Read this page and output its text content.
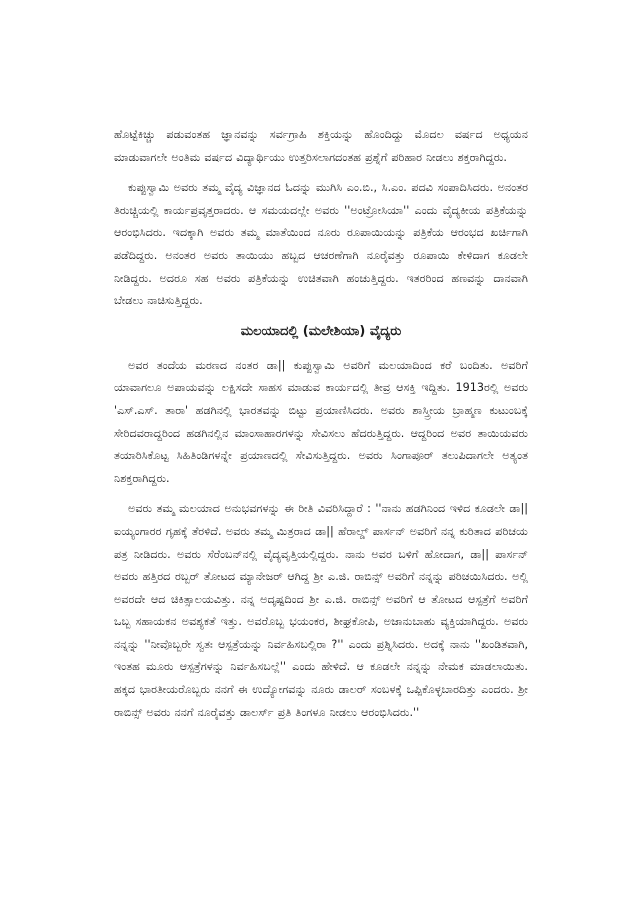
ಹೊಟ್ಟೆಕಿಚ್ಚು ಪಡುವಂತಹ ಜ್ಞಾನವನ್ನು ಸರ್ವಗ್ರಾಹಿ ಶಕ್ತಿಯನ್ನು ಹೊಂದಿದ್ದು ಮೊದಲ ವರ್ಷದ ಅಧ್ಯಯನ ಮಾಡುವಾಗಲೇ ಅಂತಿಮ ವರ್ಷದ ವಿದ್ಯಾರ್ಥಿಯು ಉತ್ತರಿಸಲಾಗದಂತಹ ಪ್ರಶ್ನೆಗೆ ಪರಿಹಾರ ನೀಡಲು ಶಕ್ತರಾಗಿದ್ದರು.

ಕುಪ್ಪುಸ್ವಾಮಿ ಅವರು ತಮ್ಮ ವೈದ್ಯ ವಿಜ್ಞಾನದ ಓದನ್ನು ಮುಗಿಸಿ ಎಂ.ಬಿ., ಸಿ.ಎಂ. ಪದವಿ ಸಂಪಾದಿಸಿದರು. ಅನಂತರ ತಿರುಚ್ಚಿಯಲ್ಲಿ ಕಾರ್ಯಪ್ರವೃತ್ತರಾದರು. ಆ ಸಮಯದಲ್ಲೇ ಅವರು ''ಅಂಟ್ರೋಸಿಯಾ'' ಎಂದು ವೈದ್ಯಕೀಯ ಪತ್ರಿಕೆಯನ್ನು ಆರಂಭಿಸಿದರು. ಇದಕ್ಕಾಗಿ ಅವರು ತಮ್ಮ ಮಾತೆಯಿಂದ ನೂರು ರೂಪಾಯಿಯನ್ನು ಪತ್ರಿಕೆಯ ಆರಂಭದ ಖರ್ಚಿಗಾಗಿ ಪಡೆದಿದ್ದರು. ಅನಂತರ ಅವರು ತಾಯಿಯು ಹಬ್ಬದ ಆಚರಣೆಗಾಗಿ ನೂರೈವತ್ತು ರೂಪಾಯಿ ಕೇಳಿದಾಗ ಕೂಡಲೇ ನೀಡಿದ್ದರು. ಅದರೂ ಸಹ ಅವರು ಪತ್ರಿಕೆಯನ್ನು ಉಚಿತವಾಗಿ ಹಂಚುತ್ತಿದ್ದರು. ಇತರರಿಂದ ಹಣವನ್ನು ದಾನವಾಗಿ ಬೇಡಲು ನಾಚಿಸುತ್ತಿದ್ದರು.

ಮಲಯಾದಲ್ಲಿ (ಮಲೇಶಿಯಾ) ವೈದ್ಯರು

ಅವರ ತಂದೆಯ ಮರಣದ ನಂತರ ಡಾ|| ಕುಪ್ಪುಸ್ವಾಮಿ ಅವರಿಗೆ ಮಲಯಾದಿಂದ ಕರೆ ಬಂದಿತು. ಅವರಿಗೆ ಯಾವಾಗಲೂ ಅಪಾಯವನ್ನು ಲಕ್ಷಿಸದೇ ಸಾಹಸ ಮಾಡುವ ಕಾರ್ಯದಲ್ಲಿ ತೀವ್ರ ಆಸಕ್ತಿ ಇದ್ದಿತು. 1913ರಲ್ಲಿ ಅವರು 'ಎಸ್.ಎಸ್. ತಾರಾ' ಹಡಗಿನಲ್ಲಿ ಭಾರತವನ್ನು ಬಿಟ್ಟು ಪ್ರಯಾಣಿಸಿದರು. ಅವರು ಶಾಸ್ತ್ರೀಯ ಬ್ರಾಹ್ಮಣ ಕುಟುಂಬಕ್ಕೆ ಸೇರಿದವರಾದ್ದರಿಂದ ಹಡಗಿನಲ್ಲಿನ ಮಾಂಸಾಹಾರಗಳನ್ನು ಸೇವಿಸಲು ಹೆದರುತ್ತಿದ್ದರು. ಆದ್ದರಿಂದ ಅವರ ತಾಯಿಯವರು ತಯಾರಿಸಿಕೊಟ್ಟ ಸಿಹಿತಿಂಡಿಗಳನ್ನೇ ಪ್ರಯಾಣದಲ್ಲಿ ಸೇವಿಸುತ್ತಿದ್ದರು. ಅವರು ಸಿಂಗಾಪೂರ್ ತಲುಪಿದಾಗಲೇ ಅತ್ಯಂತ ನಿಶಕ್ತರಾಗಿದ್ದರು.

ಅವರು ತಮ್ಮ ಮಲಯಾದ ಅನುಭವಗಳನ್ನು ಈ ರೀತಿ ವಿವರಿಸಿದ್ದಾರೆ : ''ನಾನು ಹಡಗಿನಿಂದ ಇಳಿದ ಕೂಡಲೇ ಡಾ|| ಐಯ್ಯಂಗಾರರ ಗೃಹಕ್ಕೆ ತೆರಳಿದೆ. ಅವರು ತಮ್ಮ ಮಿತ್ರರಾದ ಡಾ|| ಹೆರಾಲ್ಡ್ ಪಾರ್ಸನ್ ಅವರಿಗೆ ನನ್ನ ಕುರಿತಾದ ಪರಿಚಯ ಪತ್ರ ನೀಡಿದರು. ಅವರು ಸೆರೆಂಬನ್‌ನಲ್ಲಿ ವೈದ್ಯವೃತ್ತಿಯಲ್ಲಿದ್ದರು. ನಾನು ಅವರ ಬಳಿಗೆ ಹೋದಾಗ, ಡಾ|| ಪಾರ್ಸನ್ ಅವರು ಹತ್ತಿರದ ರಬ್ಬರ್ ತೋಟದ ಮ್ಯಾನೇಜರ್ ಆಗಿದ್ದ ಶ್ರೀ ಎ.ಜಿ. ರಾಬಿನ್ಸ್ ಅವರಿಗೆ ನನ್ನನ್ನು ಪರಿಚಯಿಸಿದರು. ಅಲ್ಲಿ ಅವರದೇ ಆದ ಚಿಕಿತ್ಸಾಲಯವಿತ್ತು. ನನ್ನ ಅದೃಷ್ಟದಿಂದ ಶ್ರೀ ಎ.ಜಿ. ರಾಬಿನ್ಸ್ ಅವರಿಗೆ ಆ ತೋಟದ ಆಸ್ಪತ್ರೆಗೆ ಅವರಿಗೆ ಒಬ್ಬ ಸಹಾಯಕನ ಅವಶ್ಯಕತೆ ಇತ್ತು. ಅವರೊಬ್ಬ ಭಯಂಕರ, ಶೀಘ್ರಕೋಪಿ, ಅಜಾನುಬಾಹು ವ್ಯಕ್ತಿಯಾಗಿದ್ದರು. ಅವರು ನನ್ನನ್ನು ''ನೀವೊಬ್ಬರೇ ಸ್ವತಃ ಆಸ್ಪತ್ರೆಯನ್ನು ನಿರ್ವಹಿಸಬಲ್ಲಿರಾ ?'' ಎಂದು ಪ್ರಶ್ನಿಸಿದರು. ಅದಕ್ಕೆ ನಾನು ''ಖಂಡಿತವಾಗಿ, ಇಂತಹ ಮೂರು ಆಸ್ಪತ್ರೆಗಳನ್ನು ನಿರ್ವಹಿಸಬಲ್ಲೆ'' ಎಂದು ಹೇಳಿದೆ. ಆ ಕೂಡಲೇ ನನ್ನನ್ನು ನೇಮಕ ಮಾಡಲಾಯಿತು. ಹಕ್ಕದ ಭಾರತೀಯರೊಬ್ಬರು ನನಗೆ ಈ ಉದ್ಯೋಗವನ್ನು ನೂರು ಡಾಲರ್ ಸಂಬಳಕ್ಕೆ ಒಪ್ಪಿಕೊಳ್ಳಬಾರದಿತ್ತು ಎಂದರು. ಶ್ರೀ ರಾಬಿನ್ಸ್ ಅವರು ನನಗೆ ನೂರೈವತ್ತು ಡಾಲರ್ಸ್ ಪ್ರತಿ ತಿಂಗಳೂ ನೀಡಲು ಆರಂಭಿಸಿದರು.''
